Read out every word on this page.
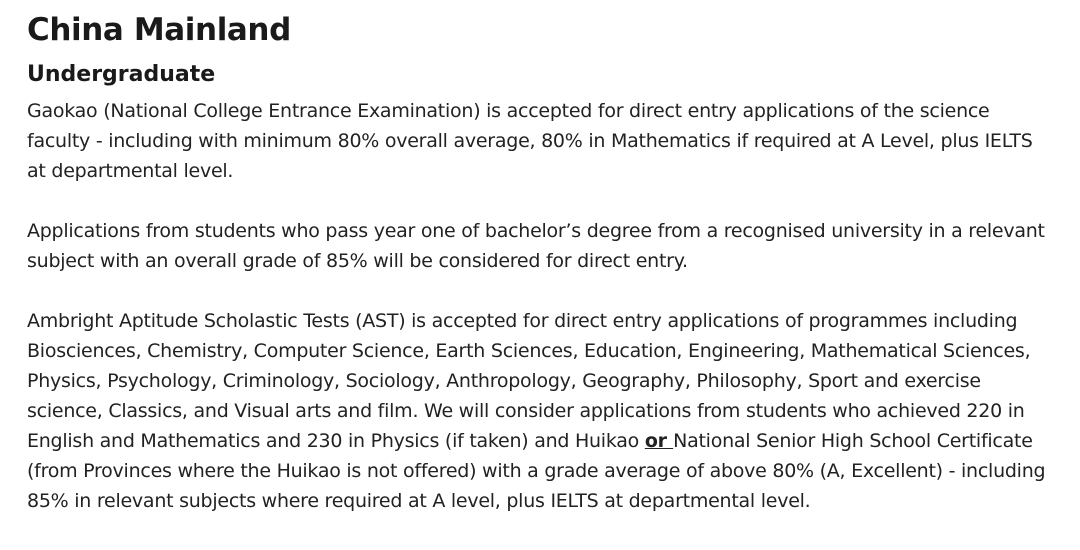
China Mainland
Undergraduate

Gaokao (National College Entrance Examination) is accepted for direct entry applications of the science faculty - including with minimum 80% overall average, 80% in Mathematics if required at A Level, plus IELTS at departmental level.

Applications from students who pass year one of bachelor’s degree from a recognised university in a relevant subject with an overall grade of 85% will be considered for direct entry.

Ambright Aptitude Scholastic Tests (AST) is accepted for direct entry applications of programmes including Biosciences, Chemistry, Computer Science, Earth Sciences, Education, Engineering, Mathematical Sciences, Physics, Psychology, Criminology, Sociology, Anthropology, Geography, Philosophy, Sport and exercise science, Classics, and Visual arts and film. We will consider applications from students who achieved 220 in English and Mathematics and 230 in Physics (if taken) and Huikao or National Senior High School Certificate (from Provinces where the Huikao is not offered) with a grade average of above 80% (A, Excellent) - including 85% in relevant subjects where required at A level, plus IELTS at departmental level.
